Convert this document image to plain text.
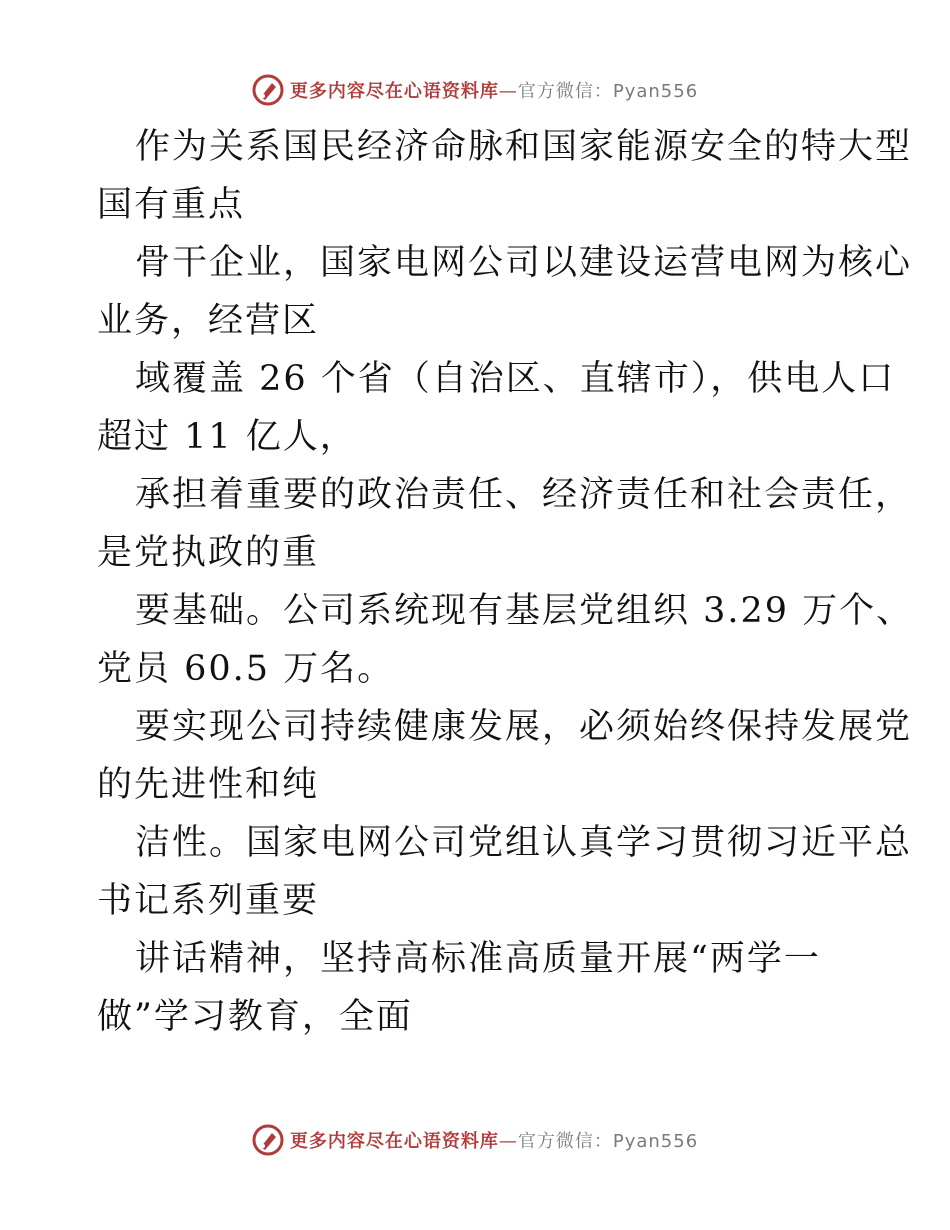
更多内容尽在心语资料库—官方微信：Pyan556
作为关系国民经济命脉和国家能源安全的特大型
国有重点
骨干企业，国家电网公司以建设运营电网为核心
业务，经营区
域覆盖 26 个省（自治区、直辖市），供电人口
超过 11 亿人，
承担着重要的政治责任、经济责任和社会责任，
是党执政的重
要基础。公司系统现有基层党组织 3.29 万个、
党员 60.5 万名。
要实现公司持续健康发展，必须始终保持发展党
的先进性和纯
洁性。国家电网公司党组认真学习贯彻习近平总
书记系列重要
讲话精神，坚持高标准高质量开展“两学一
做”学习教育，全面
更多内容尽在心语资料库—官方微信：Pyan556
